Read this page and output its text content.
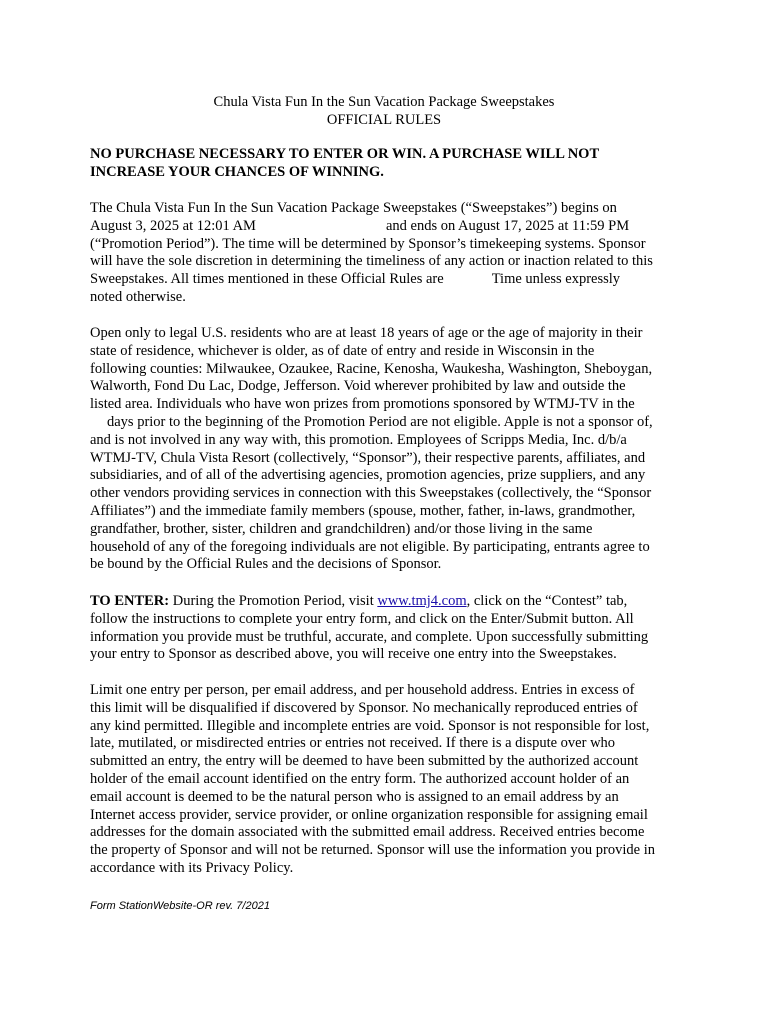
Chula Vista Fun In the Sun Vacation Package Sweepstakes
OFFICIAL RULES
NO PURCHASE NECESSARY TO ENTER OR WIN. A PURCHASE WILL NOT
INCREASE YOUR CHANCES OF WINNING.
The Chula Vista Fun In the Sun Vacation Package Sweepstakes (“Sweepstakes”) begins on
August 3, 2025 at 12:01 AM	and ends on August 17, 2025 at 11:59 PM
(“Promotion Period”). The time will be determined by Sponsor’s timekeeping systems. Sponsor
will have the sole discretion in determining the timeliness of any action or inaction related to this
Sweepstakes. All times mentioned in these Official Rules are	Time unless expressly
noted otherwise.
Open only to legal U.S. residents who are at least 18 years of age or the age of majority in their
state of residence, whichever is older, as of date of entry and reside in Wisconsin in the
following counties: Milwaukee, Ozaukee, Racine, Kenosha, Waukesha, Washington, Sheboygan,
Walworth, Fond Du Lac, Dodge, Jefferson. Void wherever prohibited by law and outside the
listed area. Individuals who have won prizes from promotions sponsored by WTMJ-TV in the
days prior to the beginning of the Promotion Period are not eligible. Apple is not a sponsor of,
and is not involved in any way with, this promotion. Employees of Scripps Media, Inc. d/b/a
WTMJ-TV, Chula Vista Resort (collectively, “Sponsor”), their respective parents, affiliates, and
subsidiaries, and of all of the advertising agencies, promotion agencies, prize suppliers, and any
other vendors providing services in connection with this Sweepstakes (collectively, the “Sponsor
Affiliates”) and the immediate family members (spouse, mother, father, in-laws, grandmother,
grandfather, brother, sister, children and grandchildren) and/or those living in the same
household of any of the foregoing individuals are not eligible. By participating, entrants agree to
be bound by the Official Rules and the decisions of Sponsor.
TO ENTER: During the Promotion Period, visit www.tmj4.com, click on the “Contest” tab,
follow the instructions to complete your entry form, and click on the Enter/Submit button. All
information you provide must be truthful, accurate, and complete. Upon successfully submitting
your entry to Sponsor as described above, you will receive one entry into the Sweepstakes.
Limit one entry per person, per email address, and per household address. Entries in excess of
this limit will be disqualified if discovered by Sponsor. No mechanically reproduced entries of
any kind permitted. Illegible and incomplete entries are void. Sponsor is not responsible for lost,
late, mutilated, or misdirected entries or entries not received. If there is a dispute over who
submitted an entry, the entry will be deemed to have been submitted by the authorized account
holder of the email account identified on the entry form. The authorized account holder of an
email account is deemed to be the natural person who is assigned to an email address by an
Internet access provider, service provider, or online organization responsible for assigning email
addresses for the domain associated with the submitted email address. Received entries become
the property of Sponsor and will not be returned. Sponsor will use the information you provide in
accordance with its Privacy Policy.
Form StationWebsite-OR rev. 7/2021
